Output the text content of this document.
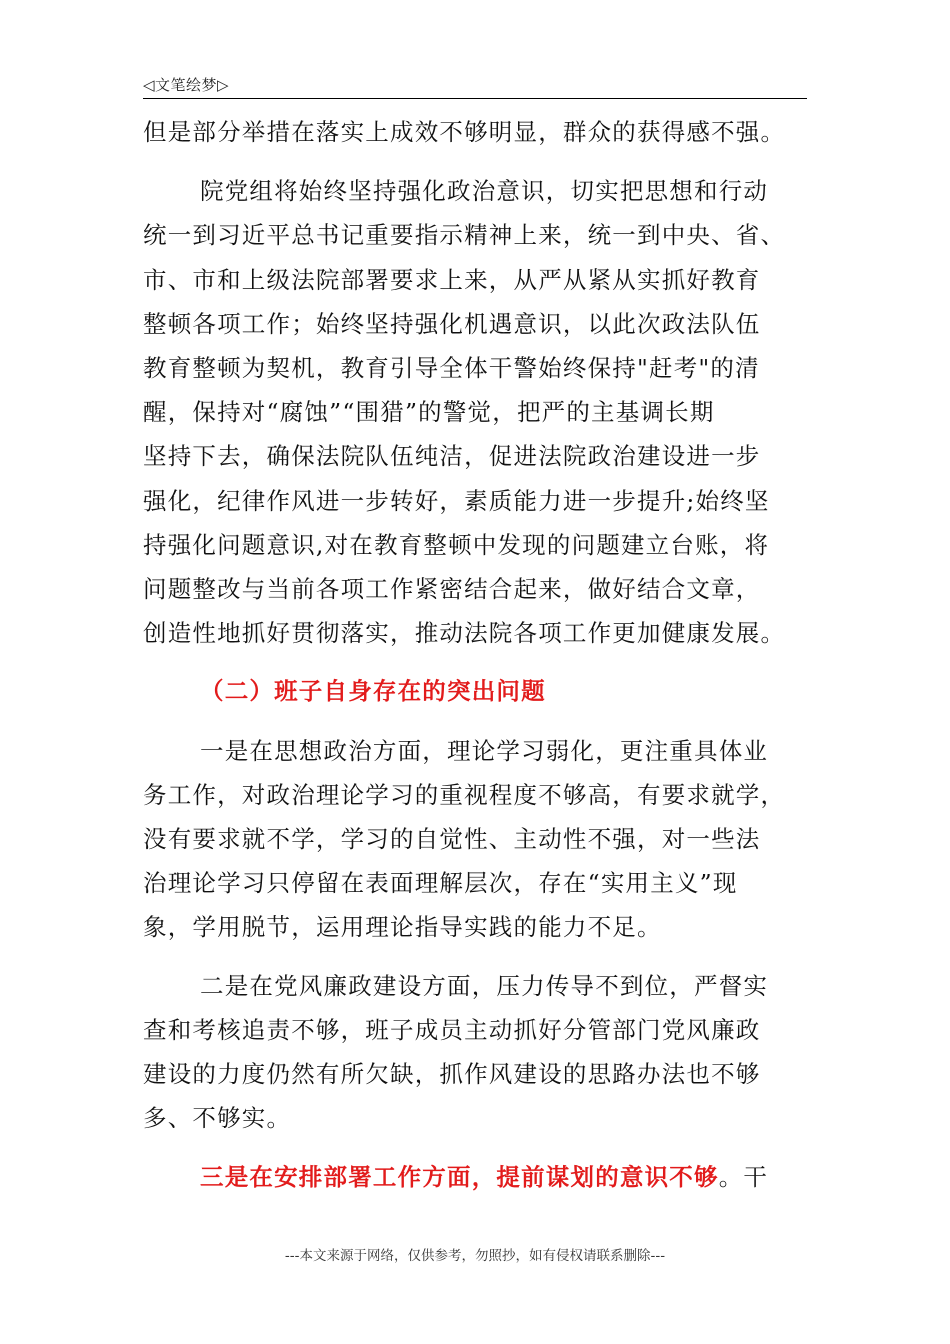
◁文笔绘梦▷
但是部分举措在落实上成效不够明显，群众的获得感不强。
院党组将始终坚持强化政治意识，切实把思想和行动
统一到习近平总书记重要指示精神上来，统一到中央、省、
市、市和上级法院部署要求上来，从严从紧从实抓好教育
整顿各项工作；始终坚持强化机遇意识，以此次政法队伍
教育整顿为契机，教育引导全体干警始终保持"赶考"的清
醒，保持对“腐蚀”“围猎”的警觉，把严的主基调长期
坚持下去，确保法院队伍纯洁，促进法院政治建设进一步
强化，纪律作风进一步转好，素质能力进一步提升;始终坚
持强化问题意识,对在教育整顿中发现的问题建立台账，将
问题整改与当前各项工作紧密结合起来，做好结合文章，
创造性地抓好贯彻落实，推动法院各项工作更加健康发展。
（二）班子自身存在的突出问题
一是在思想政治方面，理论学习弱化，更注重具体业
务工作，对政治理论学习的重视程度不够高，有要求就学，
没有要求就不学，学习的自觉性、主动性不强，对一些法
治理论学习只停留在表面理解层次，存在“实用主义”现
象，学用脱节，运用理论指导实践的能力不足。
二是在党风廉政建设方面，压力传导不到位，严督实
查和考核追责不够，班子成员主动抓好分管部门党风廉政
建设的力度仍然有所欠缺，抓作风建设的思路办法也不够
多、不够实。
三是在安排部署工作方面，提前谋划的意识不够。干
---本文来源于网络，仅供参考，勿照抄，如有侵权请联系删除---
